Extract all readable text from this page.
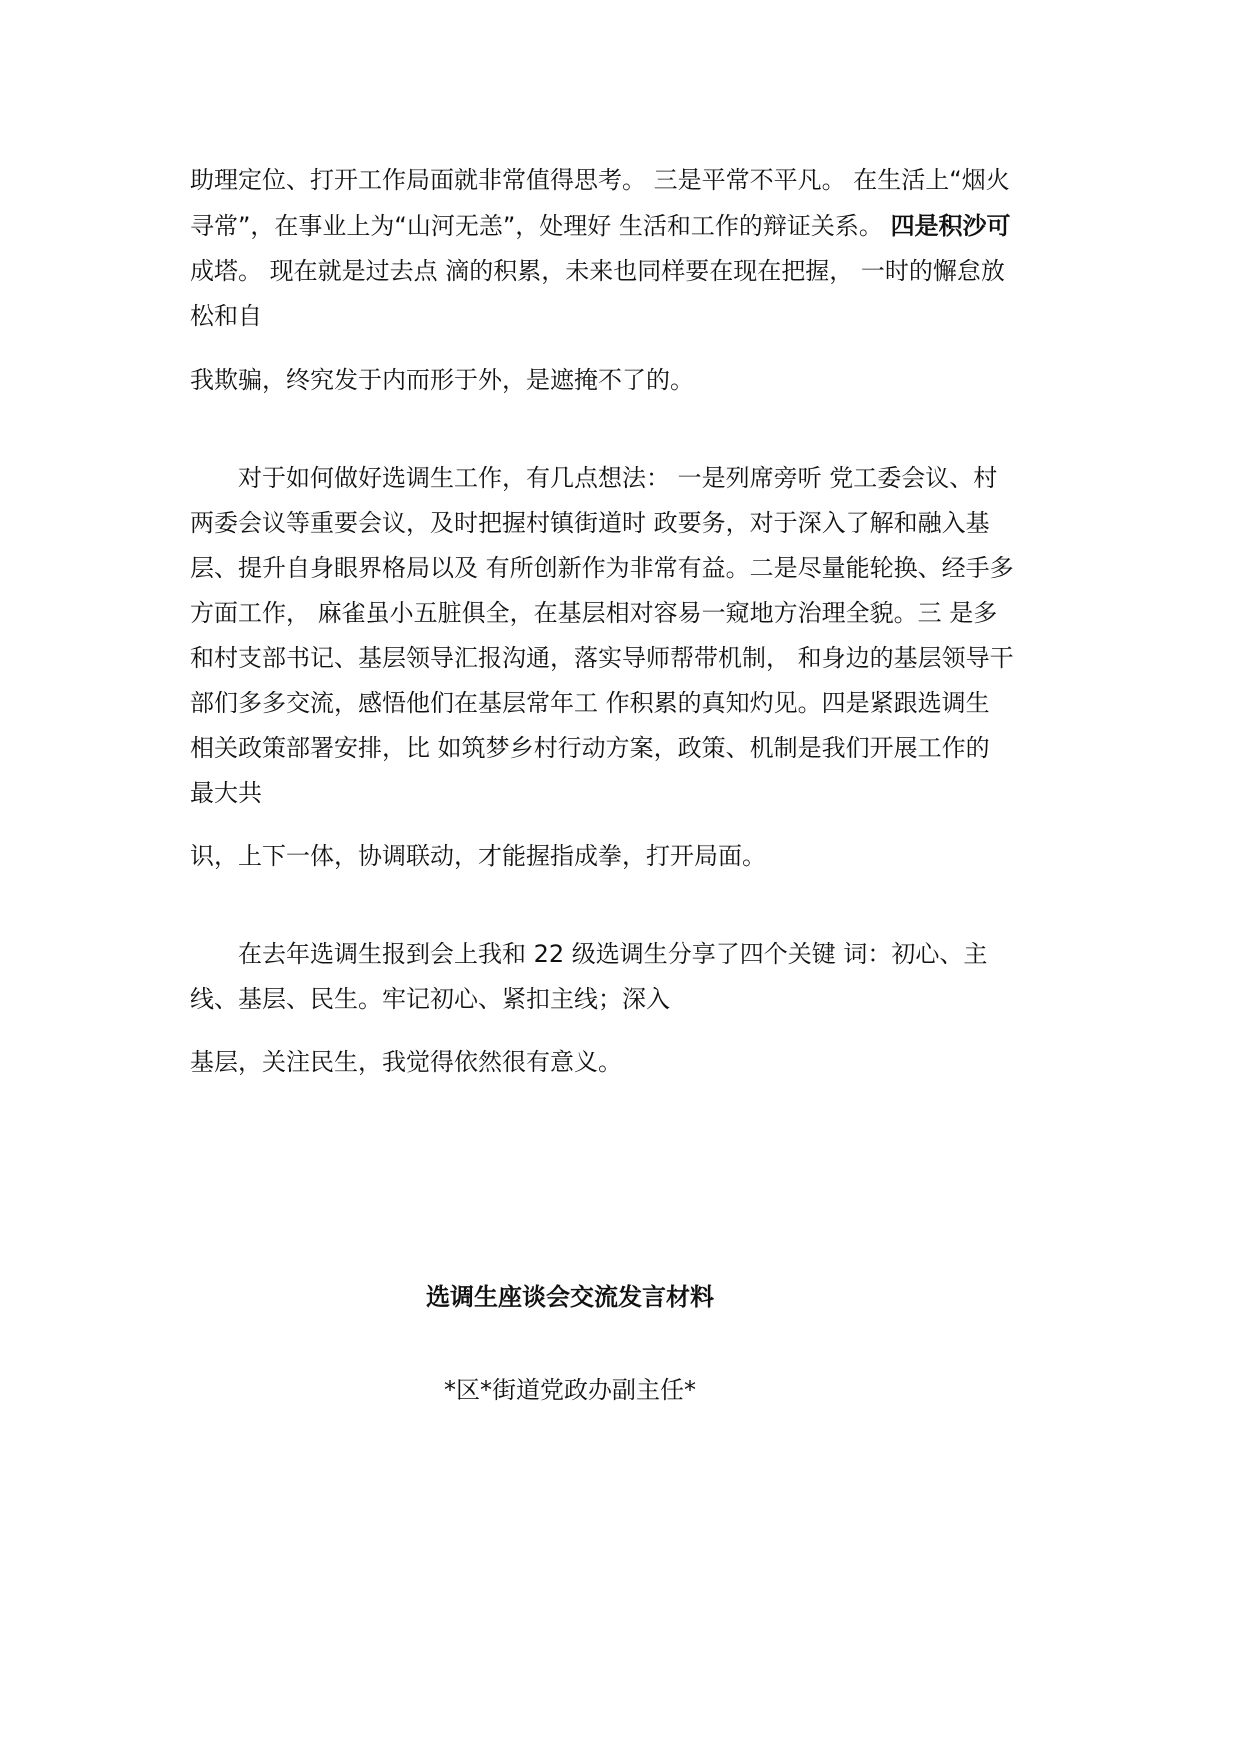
助理定位、打开工作局面就非常值得思考。 三是平常不平凡。 在生活上“烟火
寻常”，在事业上为“山河无恙”，处理好 生活和工作的辩证关系。 四是积沙可
成塔。 现在就是过去点 滴的积累，未来也同样要在现在把握， 一时的懈怠放
松和自
我欺骗，终究发于内而形于外，是遮掩不了的。
对于如何做好选调生工作，有几点想法： 一是列席旁听 党工委会议、村
两委会议等重要会议，及时把握村镇街道时 政要务，对于深入了解和融入基
层、提升自身眼界格局以及 有所创新作为非常有益。二是尽量能轮换、经手多
方面工作， 麻雀虽小五脏俱全，在基层相对容易一窥地方治理全貌。三 是多
和村支部书记、基层领导汇报沟通，落实导师帮带机制， 和身边的基层领导干
部们多多交流，感悟他们在基层常年工 作积累的真知灼见。四是紧跟选调生
相关政策部署安排，比 如筑梦乡村行动方案，政策、机制是我们开展工作的
最大共
识，上下一体，协调联动，才能握指成拳，打开局面。
在去年选调生报到会上我和 22 级选调生分享了四个关键 词：初心、主
线、基层、民生。牢记初心、紧扣主线；深入
基层，关注民生，我觉得依然很有意义。
选调生座谈会交流发言材料
*区*街道党政办副主任*
